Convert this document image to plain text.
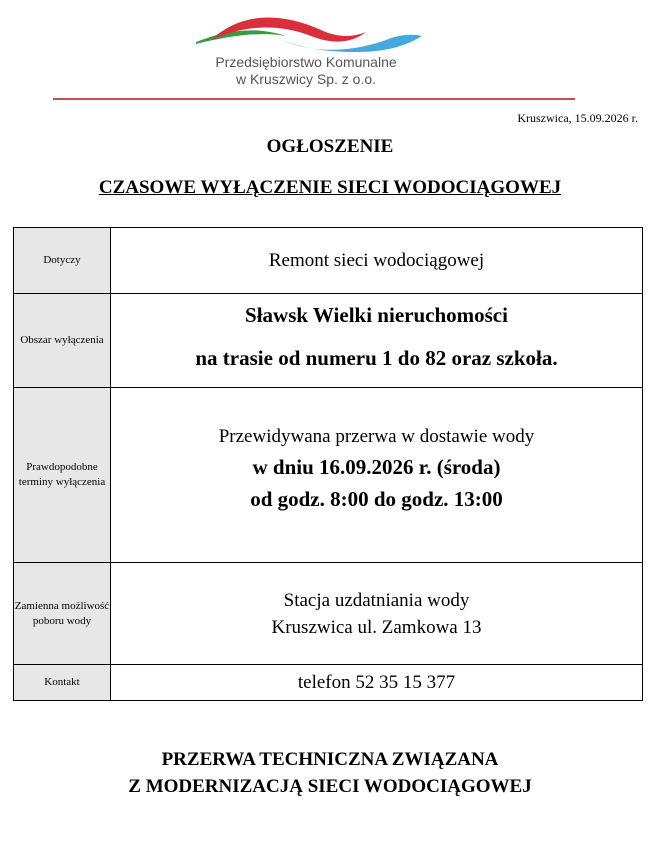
Przedsiębiorstwo Komunalne
w Kruszwicy Sp. z o.o.
Kruszwica, 15.09.2026 r.
OGŁOSZENIE
CZASOWE WYŁĄCZENIE SIECI WODOCIĄGOWEJ
Dotyczy	Remont sieci wodociągowej
Obszar wyłączenia	Sławsk Wielki nieruchomości
na trasie od numeru 1 do 82 oraz szkoła.

Prawdopodobne terminy wyłączenia	Przewidywana przerwa w dostawie wody
w dniu 16.09.2026 r. (środa)
od godz. 8:00 do godz. 13:00

Zamienna możliwość poboru wody	Stacja uzdatniania wody
Kruszwica ul. Zamkowa 13

Kontakt	telefon 52 35 15 377
PRZERWA TECHNICZNA ZWIĄZANA
Z MODERNIZACJĄ SIECI WODOCIĄGOWEJ
